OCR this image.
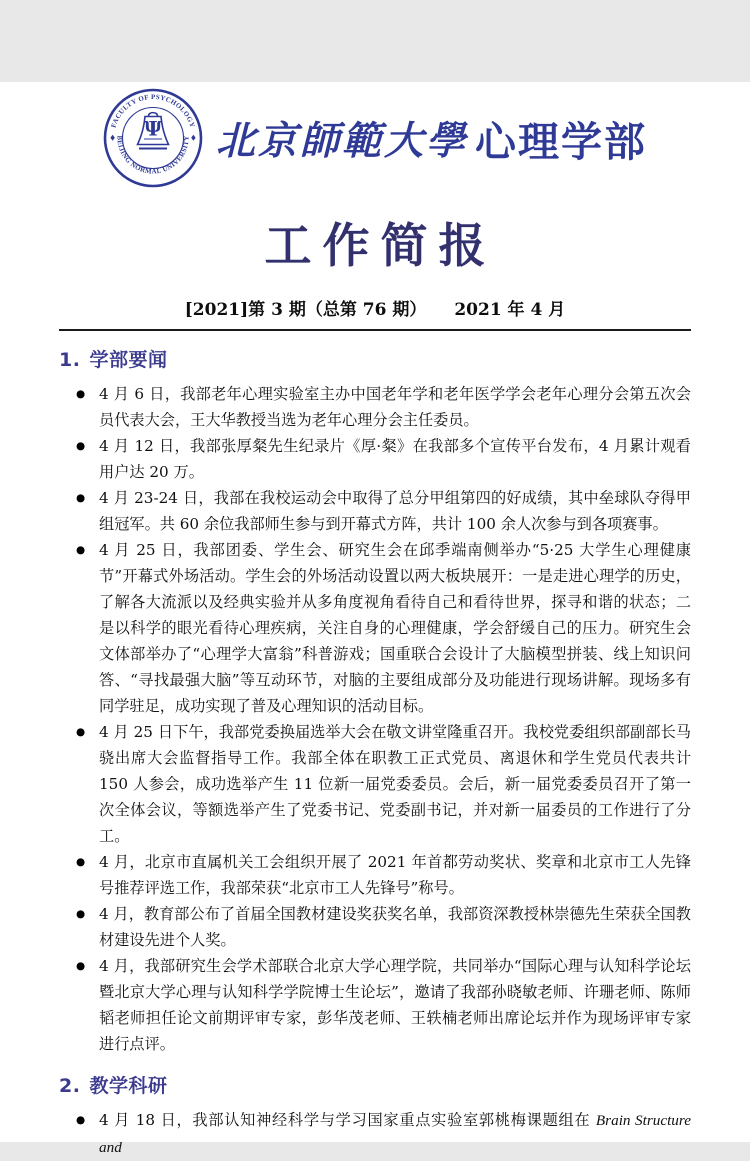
FACULTY OF PSYCHOLOGY
BEIJING NORMAL UNIVERSITY
Ψ 北京師範大學 心理学部
工作简报
[2021]第 3 期（总第 76 期） 2021 年 4 月
1. 学部要闻
● 4 月 6 日，我部老年心理实验室主办中国老年学和老年医学学会老年心理分会第五次会员代表大会，王大华教授当选为老年心理分会主任委员。
● 4 月 12 日，我部张厚粲先生纪录片《厚·粲》在我部多个宣传平台发布，4 月累计观看用户达 20 万。
● 4 月 23-24 日，我部在我校运动会中取得了总分甲组第四的好成绩，其中垒球队夺得甲组冠军。共 60 余位我部师生参与到开幕式方阵，共计 100 余人次参与到各项赛事。
● 4 月 25 日，我部团委、学生会、研究生会在邱季端南侧举办“5·25 大学生心理健康节”开幕式外场活动。学生会的外场活动设置以两大板块展开：一是走进心理学的历史，了解各大流派以及经典实验并从多角度视角看待自己和看待世界，探寻和谐的状态；二是以科学的眼光看待心理疾病，关注自身的心理健康，学会舒缓自己的压力。研究生会文体部举办了“心理学大富翁”科普游戏；国重联合会设计了大脑模型拼装、线上知识问答、“寻找最强大脑”等互动环节，对脑的主要组成部分及功能进行现场讲解。现场多有同学驻足，成功实现了普及心理知识的活动目标。
● 4 月 25 日下午，我部党委换届选举大会在敬文讲堂隆重召开。我校党委组织部副部长马骁出席大会监督指导工作。我部全体在职教工正式党员、离退休和学生党员代表共计 150 人参会，成功选举产生 11 位新一届党委委员。会后，新一届党委委员召开了第一次全体会议，等额选举产生了党委书记、党委副书记，并对新一届委员的工作进行了分工。
● 4 月，北京市直属机关工会组织开展了 2021 年首都劳动奖状、奖章和北京市工人先锋号推荐评选工作，我部荣获“北京市工人先锋号”称号。
● 4 月，教育部公布了首届全国教材建设奖获奖名单，我部资深教授林崇德先生荣获全国教材建设先进个人奖。
● 4 月，我部研究生会学术部联合北京大学心理学院，共同举办“国际心理与认知科学论坛暨北京大学心理与认知科学学院博士生论坛”，邀请了我部孙晓敏老师、许珊老师、陈师韬老师担任论文前期评审专家，彭华茂老师、王轶楠老师出席论坛并作为现场评审专家进行点评。
2. 教学科研
● 4 月 18 日，我部认知神经科学与学习国家重点实验室郭桃梅课题组在 Brain Structure and
